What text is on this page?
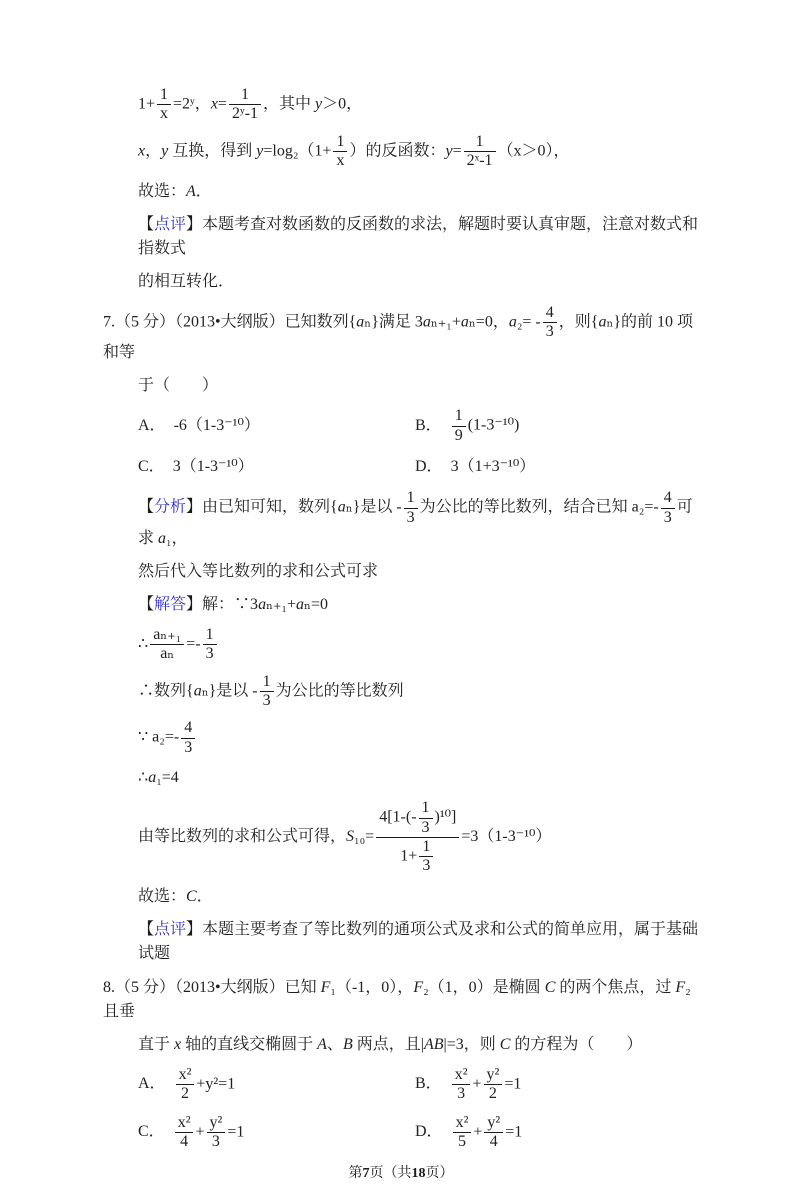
$1+ \frac{1}{x}$ =2ʸ，$x= \frac{1}{\text{2ʸ-1}}$ ，其中 y＞0，
x，y 互换，得到 $y=\log_2(1+ \frac{1}{x}$ ）的反函数：$y= \frac{1}{\text{2ˣ-1}} (x>0)$，
故选：A．
【点评】本题考查对数函数的反函数的求法，解题时要认真审题，注意对数式和指数式
的相互转化．
7.（5 分）（2013•大纲版）已知数列{aₙ}满足 3aₙ₊₁+aₙ=0，$a_2= - \frac{4}{3}$ ，则{aₙ}的前 10 项和等
于（　　）
A． -6（1-3⁻¹⁰）	B． $\frac{1}{9} (1-3^{-10})$
C． 3（1-3⁻¹⁰）	D． 3（1+3⁻¹⁰）
【分析】由已知可知，数列{aₙ}是以 - $\frac{1}{3}$ 为公比的等比数列，结合已知 $a_2=- \frac{4}{3}$ 可求 a₁，
然后代入等比数列的求和公式可求
【解答】解：∵3aₙ₊₁+aₙ=0
∴ $\frac{\text{aₙ₊₁}}{\text{aₙ}} =- \frac{1}{3}$
∴数列{aₙ}是以 - $\frac{1}{3}$ 为公比的等比数列
∵ $a_2=- \frac{4}{3}$
∴a₁=4
由等比数列的求和公式可得，$S_{10}= \frac{4[1-(- \frac{1}{3} )^{10}]}{1+ \frac{1}{3}} =3(1-3^{-10})$
故选：C．
【点评】本题主要考查了等比数列的通项公式及求和公式的简单应用，属于基础试题
8.（5 分）（2013•大纲版）已知 F₁（-1，0），F₂（1，0）是椭圆 C 的两个焦点，过 F₂ 且垂
直于 x 轴的直线交椭圆于 A、B 两点，且|AB|=3，则 C 的方程为（　　）
A． $\frac{\text{x²}}{2} +y^2=1$	B． $\frac{\text{x²}}{3} + \frac{\text{y²}}{2} =1$
C． $\frac{\text{x²}}{4} + \frac{\text{y²}}{3} =1$	D． $\frac{\text{x²}}{5} + \frac{\text{y²}}{4} =1$
第7页（共18页）
